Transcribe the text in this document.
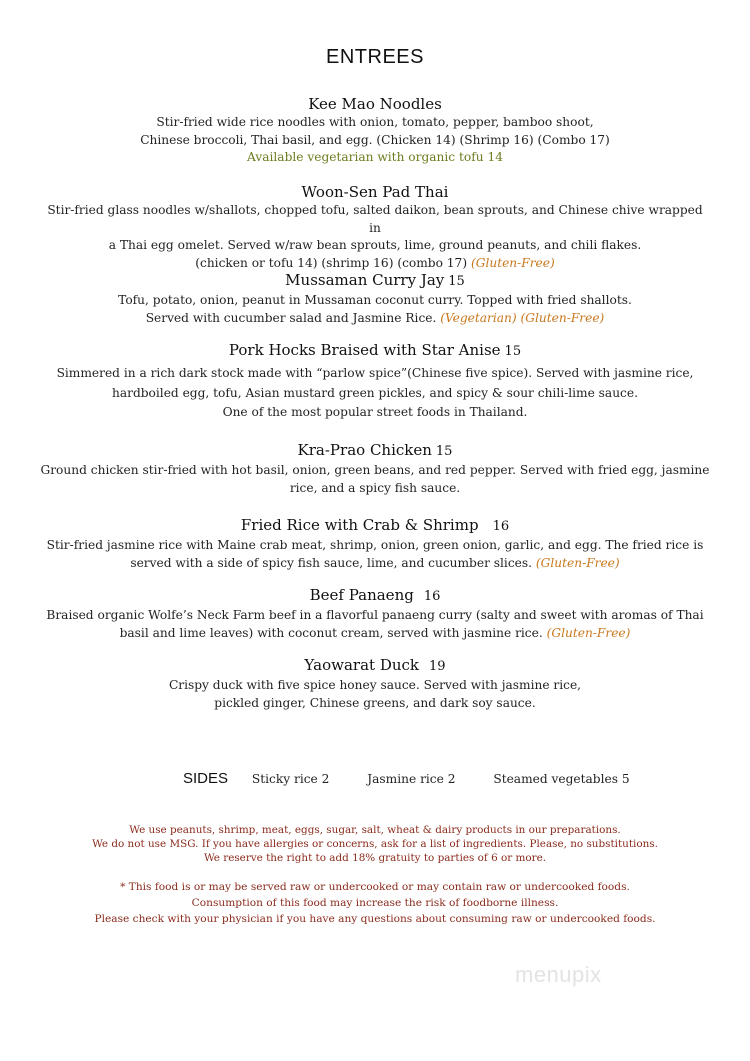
ENTREES
Kee Mao Noodles
Stir-fried wide rice noodles with onion, tomato, pepper, bamboo shoot,
Chinese broccoli, Thai basil, and egg. (Chicken 14) (Shrimp 16) (Combo 17)
Available vegetarian with organic tofu 14
Woon-Sen Pad Thai
Stir-fried glass noodles w/shallots, chopped tofu, salted daikon, bean sprouts, and Chinese chive wrapped in
a Thai egg omelet. Served w/raw bean sprouts, lime, ground peanuts, and chili flakes.
(chicken or tofu 14) (shrimp 16) (combo 17) (Gluten-Free)
Mussaman Curry Jay 15
Tofu, potato, onion, peanut in Mussaman coconut curry. Topped with fried shallots.
Served with cucumber salad and Jasmine Rice. (Vegetarian) (Gluten-Free)
Pork Hocks Braised with Star Anise 15
Simmered in a rich dark stock made with “parlow spice”(Chinese five spice). Served with jasmine rice,
hardboiled egg, tofu, Asian mustard green pickles, and spicy & sour chili-lime sauce.
One of the most popular street foods in Thailand.
Kra-Prao Chicken 15
Ground chicken stir-fried with hot basil, onion, green beans, and red pepper. Served with fried egg, jasmine
rice, and a spicy fish sauce.
Fried Rice with Crab & Shrimp 16
Stir-fried jasmine rice with Maine crab meat, shrimp, onion, green onion, garlic, and egg. The fried rice is
served with a side of spicy fish sauce, lime, and cucumber slices. (Gluten-Free)
Beef Panaeng 16
Braised organic Wolfe’s Neck Farm beef in a flavorful panaeng curry (salty and sweet with aromas of Thai
basil and lime leaves) with coconut cream, served with jasmine rice. (Gluten-Free)
Yaowarat Duck 19
Crispy duck with five spice honey sauce. Served with jasmine rice,
pickled ginger, Chinese greens, and dark soy sauce.
SIDES Sticky rice 2	Jasmine rice 2	Steamed vegetables 5
We use peanuts, shrimp, meat, eggs, sugar, salt, wheat & dairy products in our preparations.
We do not use MSG. If you have allergies or concerns, ask for a list of ingredients. Please, no substitutions.
We reserve the right to add 18% gratuity to parties of 6 or more.
* This food is or may be served raw or undercooked or may contain raw or undercooked foods.
Consumption of this food may increase the risk of foodborne illness.
Please check with your physician if you have any questions about consuming raw or undercooked foods.
menupix
